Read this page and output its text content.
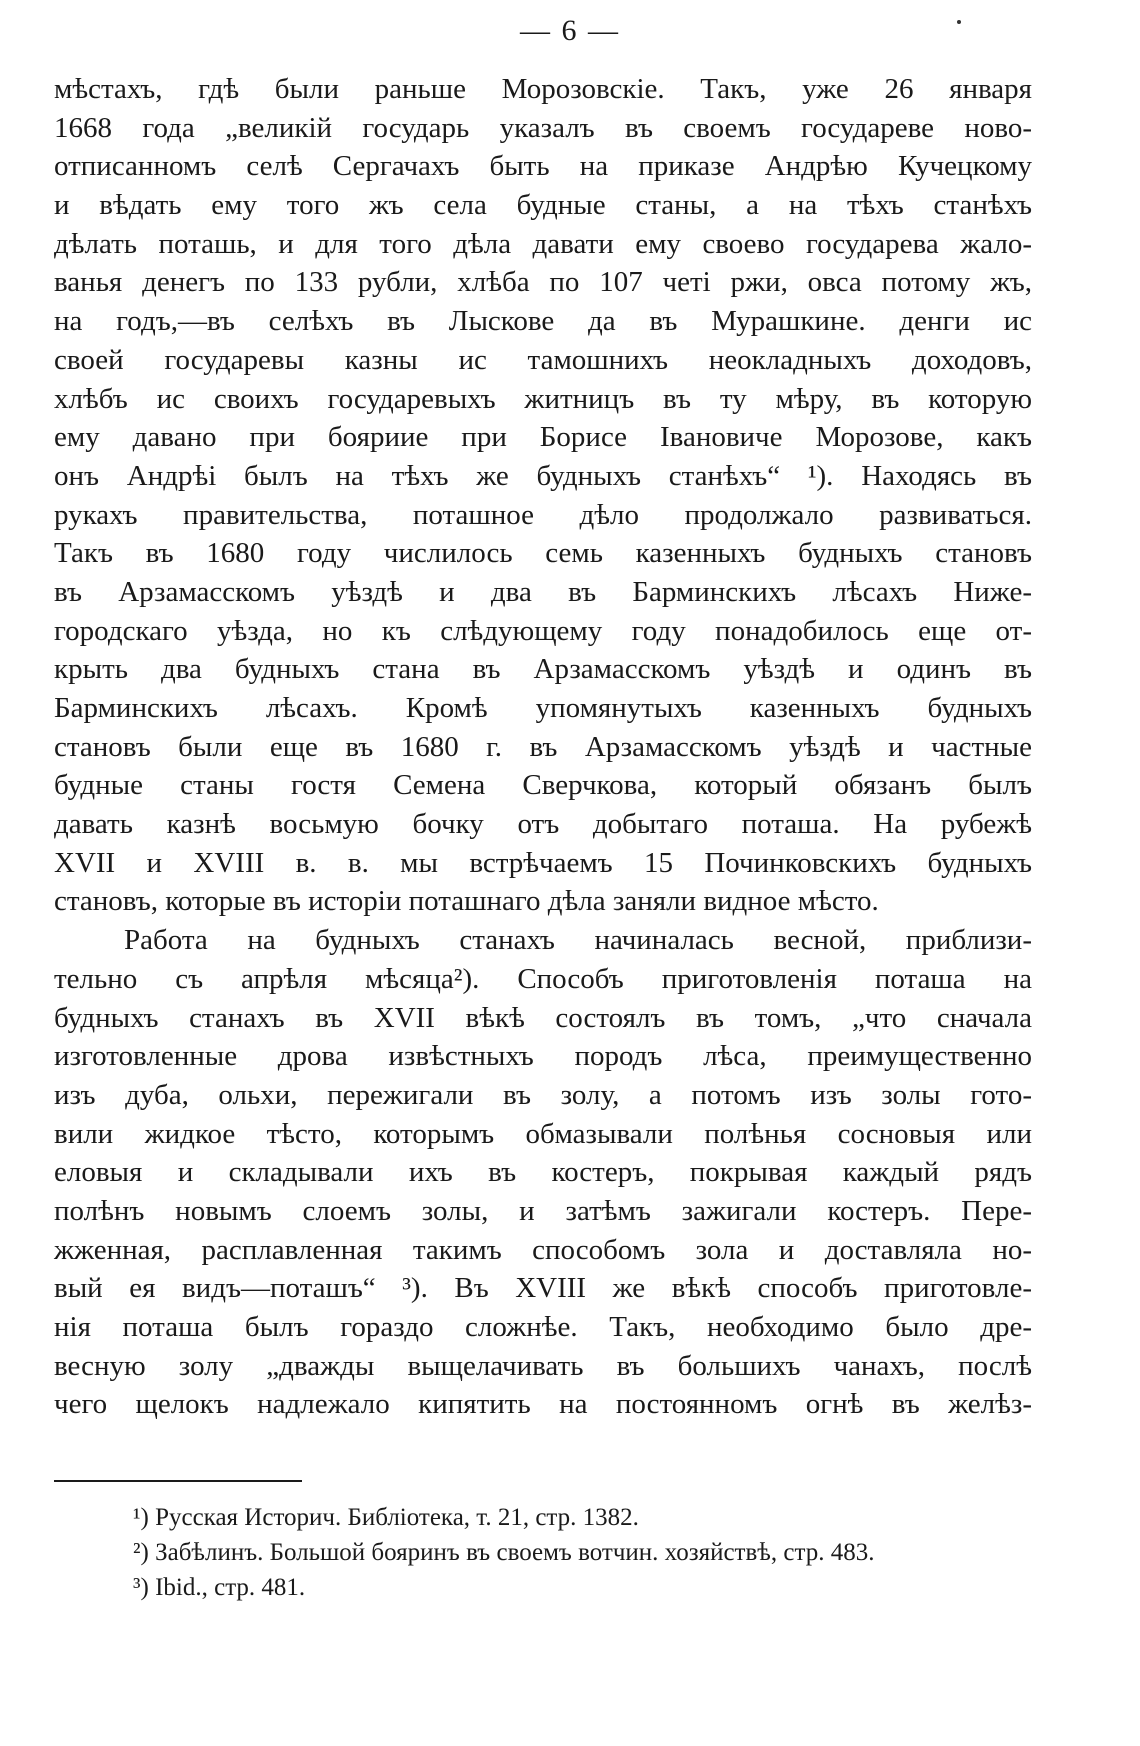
— 6 —
мѣстахъ, гдѣ были раньше Морозовскіе. Такъ, уже 26 января
1668 года „великій государь указалъ въ своемъ государеве ново-
отписанномъ селѣ Сергачахъ быть на приказе Андрѣю Кучецкому
и вѣдать ему того жъ села будные станы, а на тѣхъ станѣхъ
дѣлать поташь, и для того дѣла давати ему своево государева жало-
ванья денегъ по 133 рубли, хлѣба по 107 четі ржи, овса потому жъ,
на годъ,—въ селѣхъ въ Лыскове да въ Мурашкине. денги ис
своей государевы казны ис тамошнихъ неокладныхъ доходовъ,
хлѣбъ ис своихъ государевыхъ житницъ въ ту мѣру, въ которую
ему давано при бояриие при Борисе Івановиче Морозове, какъ
онъ Андрѣі былъ на тѣхъ же будныхъ станѣхъ“ ¹). Находясь въ
рукахъ правительства, поташное дѣло продолжало развиваться.
Такъ въ 1680 году числилось семь казенныхъ будныхъ становъ
въ Арзамасскомъ уѣздѣ и два въ Барминскихъ лѣсахъ Ниже-
городскаго уѣзда, но къ слѣдующему году понадобилось еще от-
крыть два будныхъ стана въ Арзамасскомъ уѣздѣ и одинъ въ
Барминскихъ лѣсахъ. Кромѣ упомянутыхъ казенныхъ будныхъ
становъ были еще въ 1680 г. въ Арзамасскомъ уѣздѣ и частные
будные станы гостя Семена Сверчкова, который обязанъ былъ
давать казнѣ восьмую бочку отъ добытаго поташа. На рубежѣ
XVII и XVIII в. в. мы встрѣчаемъ 15 Починковскихъ будныхъ
становъ, которые въ исторіи поташнаго дѣла заняли видное мѣсто.
Работа на будныхъ станахъ начиналась весной, приблизи-
тельно съ апрѣля мѣсяца²). Способъ приготовленія поташа на
будныхъ станахъ въ XVII вѣкѣ состоялъ въ томъ, „что сначала
изготовленные дрова извѣстныхъ породъ лѣса, преимущественно
изъ дуба, ольхи, пережигали въ золу, а потомъ изъ золы гото-
вили жидкое тѣсто, которымъ обмазывали полѣнья сосновыя или
еловыя и складывали ихъ въ костеръ, покрывая каждый рядъ
полѣнъ новымъ слоемъ золы, и затѣмъ зажигали костеръ. Пере-
жженная, расплавленная такимъ способомъ зола и доставляла но-
вый ея видъ—поташъ“ ³). Въ XVIII же вѣкѣ способъ приготовле-
нія поташа былъ гораздо сложнѣе. Такъ, необходимо было дре-
весную золу „дважды выщелачивать въ большихъ чанахъ, послѣ
чего щелокъ надлежало кипятить на постоянномъ огнѣ въ желѣз-
¹) Русская Историч. Библіотека, т. 21, стр. 1382.
²) Забѣлинъ. Большой бояринъ въ своемъ вотчин. хозяйствѣ, стр. 483.
³) Ibid., стр. 481.
